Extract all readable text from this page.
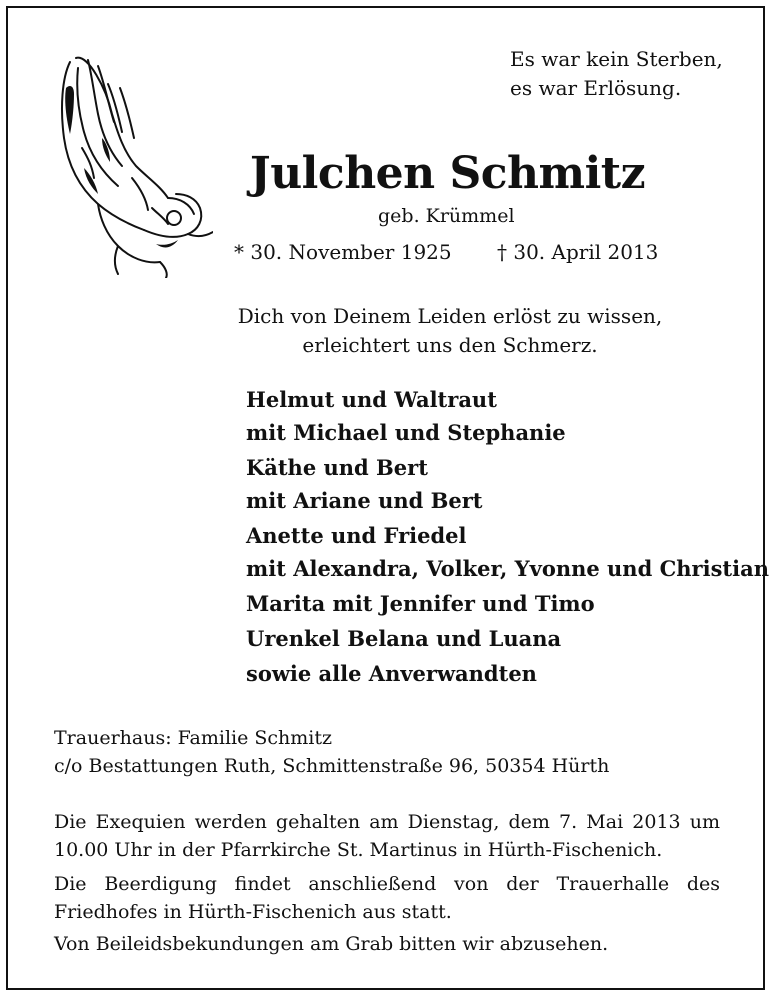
Es war kein Sterben,
es war Erlösung.
Julchen Schmitz
geb. Krümmel
* 30. November 1925 † 30. April 2013
Dich von Deinem Leiden erlöst zu wissen,
erleichtert uns den Schmerz.
Helmut und Waltraut
mit Michael und Stephanie
Käthe und Bert
mit Ariane und Bert
Anette und Friedel
mit Alexandra, Volker, Yvonne und Christian
Marita mit Jennifer und Timo
Urenkel Belana und Luana
sowie alle Anverwandten
Trauerhaus: Familie Schmitz
c/o Bestattungen Ruth, Schmittenstraße 96, 50354 Hürth
Die Exequien werden gehalten am Dienstag, dem 7. Mai 2013 um 10.00 Uhr in der Pfarrkirche St. Martinus in Hürth-Fischenich.
Die Beerdigung findet anschließend von der Trauerhalle des Friedhofes in Hürth-Fischenich aus statt.
Von Beileidsbekundungen am Grab bitten wir abzusehen.
